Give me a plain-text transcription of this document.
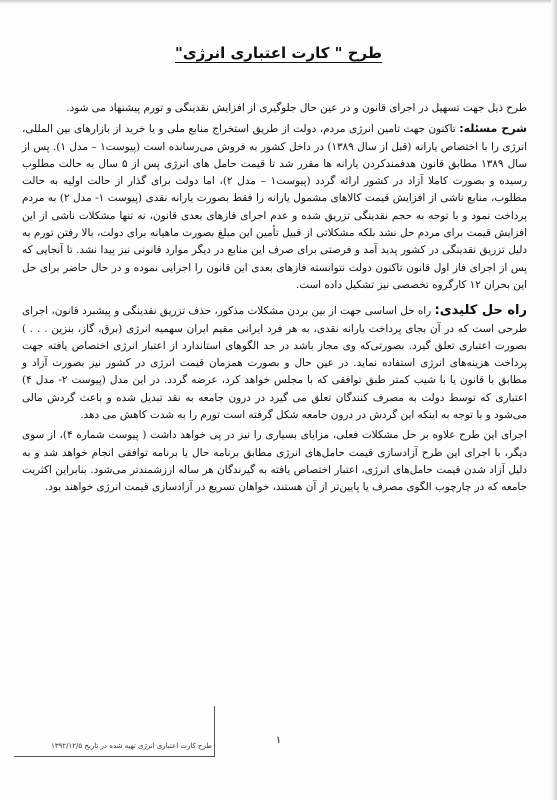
طرح " کارت اعتباری انرژی"

طرح ذیل جهت تسهیل در اجرای قانون و در عین حال جلوگیری از افزایش نقدینگی و تورم پیشنهاد می شود.

شرح مسئله: تاکنون جهت تامین انرژی مردم، دولت از طریق استخراج منابع ملی و یا خرید از بازارهای بین المللی، انرژی را با اختصاص یارانه (قبل از سال ۱۳۸۹) در داخل کشور به فروش می‌رسانده است (پیوست۱ – مدل ۱). پس از سال ۱۳۸۹ مطابق قانون هدفمندکردن یارانه ها مقرر شد تا قیمت حامل های انرژی پس از ۵ سال به حالت مطلوب رسیده و بصورت کاملا آزاد در کشور ارائه گردد (پیوست۱ – مدل ۲)، اما دولت برای گذار از حالت اولیه به حالت مطلوب، منابع ناشی از افزایش قیمت کالاهای مشمول یارانه را فقط بصورت یارانه نقدی (پیوست ۱- مدل ۲) به مردم پرداخت نمود و با توجه به حجم نقدینگی تزریق شده و عدم اجرای فازهای بعدی قانون، نه تنها مشکلات ناشی از این افزایش قیمت برای مردم حل نشد بلکه مشکلاتی از قبیل تأمین این مبلغ بصورت ماهیانه برای دولت، بالا رفتن تورم به دلیل تزریق نقدینگی در کشور پدید آمد و فرصتی برای صرف این منابع در دیگر موارد قانونی نیز پیدا نشد. تا آنجایی که پس از اجرای فاز اول قانون تاکنون دولت نتوانسته فازهای بعدی این قانون را اجرایی نموده و در حال حاضر برای حل این بحران ۱۲ کارگروه تخصصی نیز تشکیل داده است.

راه حل کلیدی: راه حل اساسی جهت از بین بردن مشکلات مذکور، حذف تزریق نقدینگی و پیشبرد قانون، اجرای طرحی است که در آن بجای پرداخت یارانه نقدی، به هر فرد ایرانی مقیم ایران سهمیه انرژی (برق، گاز، بنزین . . . ) بصورت اعتباری تعلق گیرد. بصورتی‌که وی مجاز باشد در حد الگوهای استاندارد از اعتبار انرژی اختصاص یافته جهت پرداخت هزینه‌های انرژی استفاده نماید. در عین حال و بصورت همزمان قیمت انرژی در کشور نیز بصورت آزاد و مطابق با قانون یا با شیب کمتر طبق توافقی که با مجلس خواهد کرد، عرضه گردد. در این مدل (پیوست ۲- مدل ۴) اعتباری که توسط دولت به مصرف کنندگان تعلق می گیرد در درون جامعه به نقد تبدیل شده و باعث گردش مالی می‌شود و با توجه به اینکه این گردش در درون جامعه شکل گرفته است تورم را به شدت کاهش می دهد.

اجرای این طرح علاوه بر حل مشکلات فعلی، مزایای بسیاری را نیز در پی خواهد داشت ( پیوست شماره ۴)، از سوی دیگر، با اجرای این طرح آزادسازی قیمت حامل‌های انرژی مطابق برنامه حال یا برنامه توافقی انجام خواهد شد و به دلیل آزاد شدن قیمت حامل‌های انرژی، اعتبار اختصاص یافته به گیرندگان هر ساله ارزشمندتر می‌شود. بنابراین اکثریت جامعه که در چارچوب الگوی مصرف یا پایین‌تر از آن هستند، خواهان تسریع در آزادسازی قیمت انرژی خواهند بود.

۱
طرح کارت اعتباری انرژی تهیه شده در تاریخ ۱۳۹۲/۱۲/۵
